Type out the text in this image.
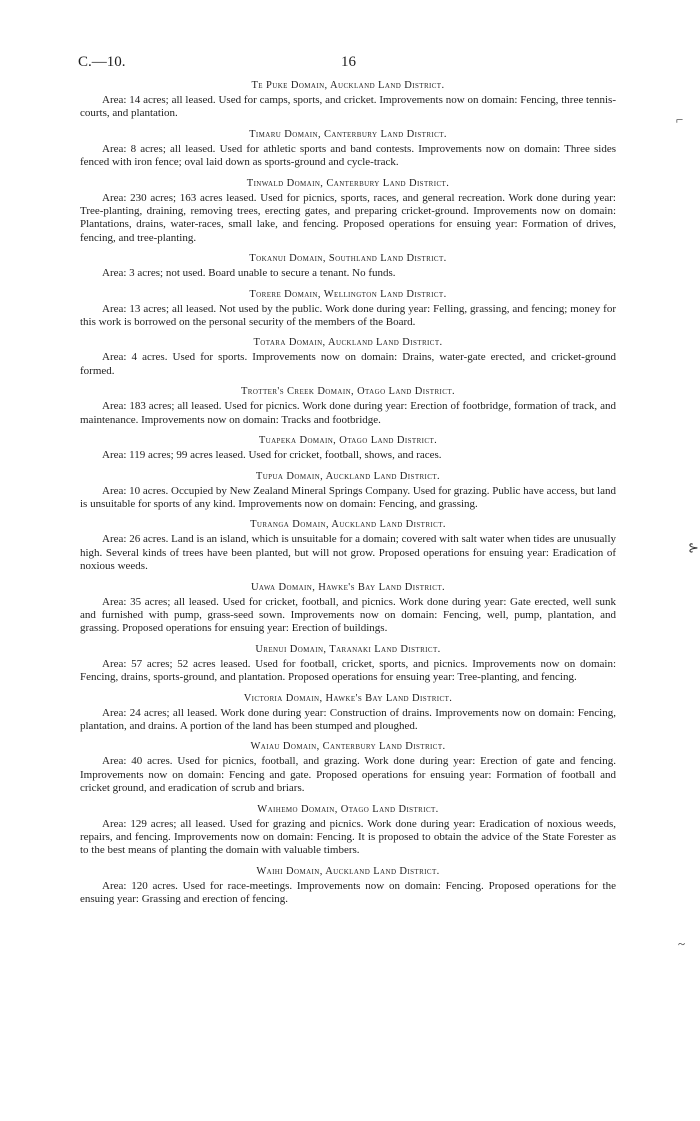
C.—10.	16
Te Puke Domain, Auckland Land District.

Area: 14 acres; all leased. Used for camps, sports, and cricket. Improvements now on domain: Fencing, three tennis-courts, and plantation.

Timaru Domain, Canterbury Land District.

Area: 8 acres; all leased. Used for athletic sports and band contests. Improvements now on domain: Three sides fenced with iron fence; oval laid down as sports-ground and cycle-track.

Tinwald Domain, Canterbury Land District.

Area: 230 acres; 163 acres leased. Used for picnics, sports, races, and general recreation. Work done during year: Tree-planting, draining, removing trees, erecting gates, and preparing cricket-ground. Improvements now on domain: Plantations, drains, water-races, small lake, and fencing. Proposed operations for ensuing year: Formation of drives, fencing, and tree-planting.

Tokanui Domain, Southland Land District.

Area: 3 acres; not used. Board unable to secure a tenant. No funds.

Torere Domain, Wellington Land District.

Area: 13 acres; all leased. Not used by the public. Work done during year: Felling, grassing, and fencing; money for this work is borrowed on the personal security of the members of the Board.

Totara Domain, Auckland Land District.

Area: 4 acres. Used for sports. Improvements now on domain: Drains, water-gate erected, and cricket-ground formed.

Trotter's Creek Domain, Otago Land District.

Area: 183 acres; all leased. Used for picnics. Work done during year: Erection of footbridge, formation of track, and maintenance. Improvements now on domain: Tracks and footbridge.

Tuapeka Domain, Otago Land District.

Area: 119 acres; 99 acres leased. Used for cricket, football, shows, and races.

Tupua Domain, Auckland Land District.

Area: 10 acres. Occupied by New Zealand Mineral Springs Company. Used for grazing. Public have access, but land is unsuitable for sports of any kind. Improvements now on domain: Fencing, and grassing.

Turanga Domain, Auckland Land District.

Area: 26 acres. Land is an island, which is unsuitable for a domain; covered with salt water when tides are unusually high. Several kinds of trees have been planted, but will not grow. Proposed operations for ensuing year: Eradication of noxious weeds.

Uawa Domain, Hawke's Bay Land District.

Area: 35 acres; all leased. Used for cricket, football, and picnics. Work done during year: Gate erected, well sunk and furnished with pump, grass-seed sown. Improvements now on domain: Fencing, well, pump, plantation, and grassing. Proposed operations for ensuing year: Erection of buildings.

Urenui Domain, Taranaki Land District.

Area: 57 acres; 52 acres leased. Used for football, cricket, sports, and picnics. Improvements now on domain: Fencing, drains, sports-ground, and plantation. Proposed operations for ensuing year: Tree-planting, and fencing.

Victoria Domain, Hawke's Bay Land District.

Area: 24 acres; all leased. Work done during year: Construction of drains. Improvements now on domain: Fencing, plantation, and drains. A portion of the land has been stumped and ploughed.

Waiau Domain, Canterbury Land District.

Area: 40 acres. Used for picnics, football, and grazing. Work done during year: Erection of gate and fencing. Improvements now on domain: Fencing and gate. Proposed operations for ensuing year: Formation of football and cricket ground, and eradication of scrub and briars.

Waihemo Domain, Otago Land District.

Area: 129 acres; all leased. Used for grazing and picnics. Work done during year: Eradication of noxious weeds, repairs, and fencing. Improvements now on domain: Fencing. It is proposed to obtain the advice of the State Forester as to the best means of planting the domain with valuable timbers.

Waihi Domain, Auckland Land District.

Area: 120 acres. Used for race-meetings. Improvements now on domain: Fencing. Proposed operations for the ensuing year: Grassing and erection of fencing.

⌐
⊱
~
